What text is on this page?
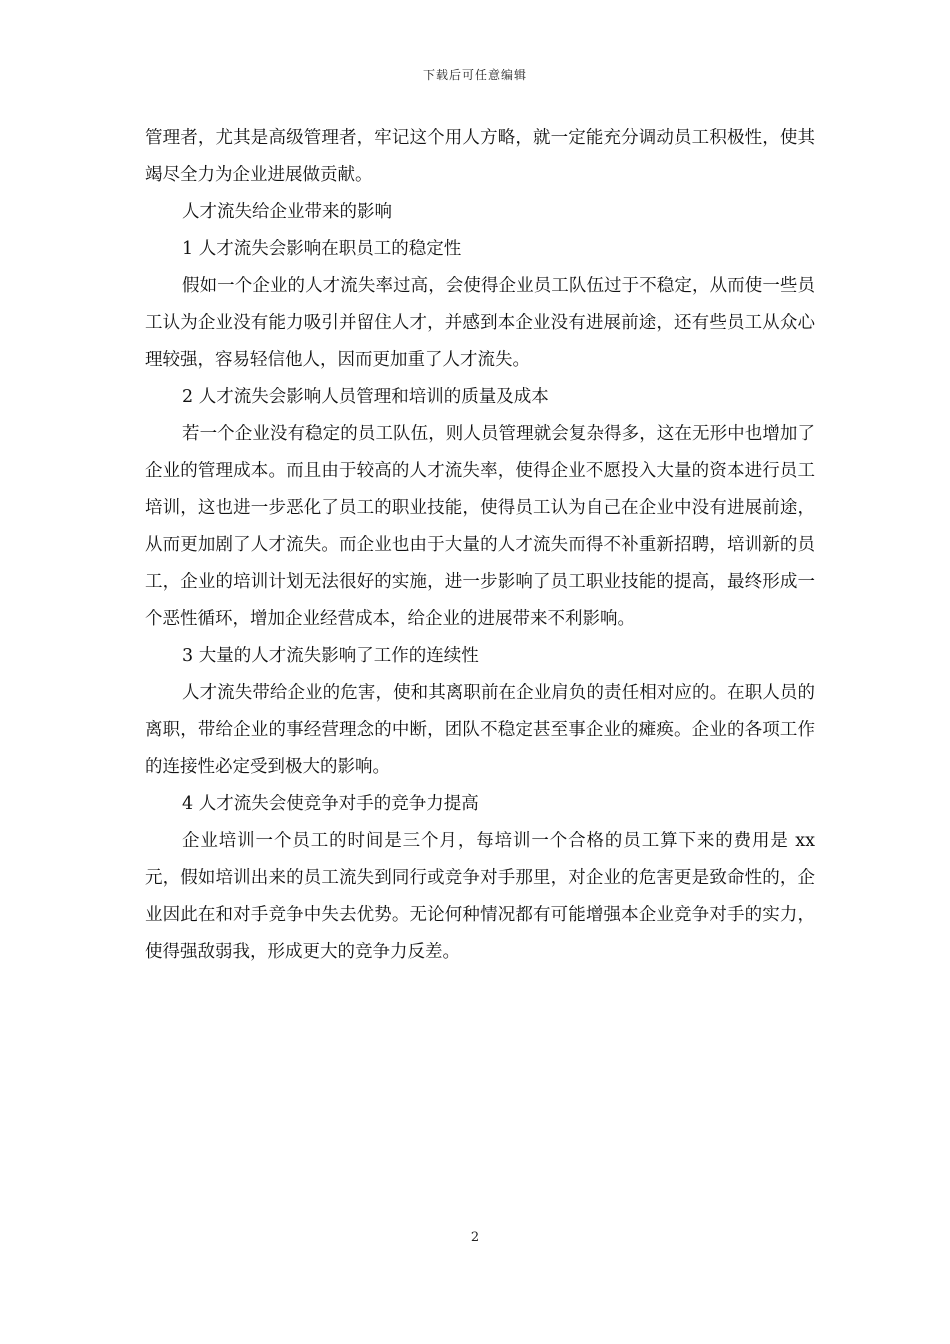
下载后可任意编辑

管理者，尤其是高级管理者，牢记这个用人方略，就一定能充分调动员工积极性，使其竭尽全力为企业进展做贡献。

人才流失给企业带来的影响

1 人才流失会影响在职员工的稳定性

假如一个企业的人才流失率过高，会使得企业员工队伍过于不稳定，从而使一些员工认为企业没有能力吸引并留住人才，并感到本企业没有进展前途，还有些员工从众心理较强，容易轻信他人，因而更加重了人才流失。

2 人才流失会影响人员管理和培训的质量及成本

若一个企业没有稳定的员工队伍，则人员管理就会复杂得多，这在无形中也增加了企业的管理成本。而且由于较高的人才流失率，使得企业不愿投入大量的资本进行员工培训，这也进一步恶化了员工的职业技能，使得员工认为自己在企业中没有进展前途，从而更加剧了人才流失。而企业也由于大量的人才流失而得不补重新招聘，培训新的员工，企业的培训计划无法很好的实施，进一步影响了员工职业技能的提高，最终形成一个恶性循环，增加企业经营成本，给企业的进展带来不利影响。

3 大量的人才流失影响了工作的连续性

人才流失带给企业的危害，使和其离职前在企业肩负的责任相对应的。在职人员的离职，带给企业的事经营理念的中断，团队不稳定甚至事企业的瘫痪。企业的各项工作的连接性必定受到极大的影响。

4 人才流失会使竞争对手的竞争力提高

企业培训一个员工的时间是三个月，每培训一个合格的员工算下来的费用是 xx 元，假如培训出来的员工流失到同行或竞争对手那里，对企业的危害更是致命性的，企业因此在和对手竞争中失去优势。无论何种情况都有可能增强本企业竞争对手的实力，使得强敌弱我，形成更大的竞争力反差。

2
